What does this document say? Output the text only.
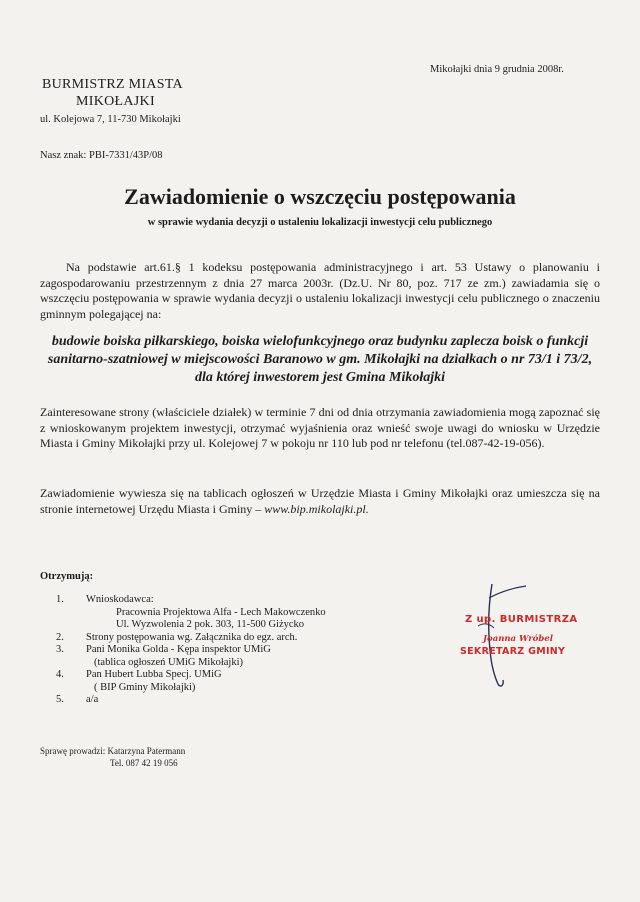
Mikołajki dnia 9 grudnia 2008r.
BURMISTRZ MIASTA
MIKOŁAJKI
ul. Kolejowa 7, 11-730 Mikołajki
Nasz znak: PBI-7331/43P/08
Zawiadomienie o wszczęciu postępowania
w sprawie wydania decyzji o ustaleniu lokalizacji inwestycji celu publicznego
Na podstawie art.61.§ 1 kodeksu postępowania administracyjnego i art. 53 Ustawy o planowaniu i zagospodarowaniu przestrzennym z dnia 27 marca 2003r. (Dz.U. Nr 80, poz. 717 ze zm.) zawiadamia się o wszczęciu postępowania w sprawie wydania decyzji o ustaleniu lokalizacji inwestycji celu publicznego o znaczeniu gminnym polegającej na:
budowie boiska piłkarskiego, boiska wielofunkcyjnego oraz budynku zaplecza boisk o funkcji sanitarno-szatniowej w miejscowości Baranowo w gm. Mikołajki na działkach o nr 73/1 i 73/2, dla której inwestorem jest Gmina Mikołajki
Zainteresowane strony (właściciele działek) w terminie 7 dni od dnia otrzymania zawiadomienia mogą zapoznać się z wnioskowanym projektem inwestycji, otrzymać wyjaśnienia oraz wnieść swoje uwagi do wniosku w Urzędzie Miasta i Gminy Mikołajki przy ul. Kolejowej 7 w pokoju nr 110 lub pod nr telefonu (tel.087-42-19-056).
Zawiadomienie wywiesza się na tablicach ogłoszeń w Urzędzie Miasta i Gminy Mikołajki oraz umieszcza się na stronie internetowej Urzędu Miasta i Gminy – www.bip.mikolajki.pl.
Otrzymują:
1.	Wnioskodawca:
Pracownia Projektowa Alfa - Lech Makowczenko
Ul. Wyzwolenia 2 pok. 303, 11-500 Giżycko
2.	Strony postępowania wg. Załącznika do egz. arch.
3.	Pani Monika Golda - Kępa inspektor UMiG
(tablica ogłoszeń UMiG Mikołajki)
4.	Pan Hubert Lubba Specj. UMiG
( BIP Gminy Mikołajki)
5.	a/a
Z up. BURMISTRZA
Joanna Wróbel
SEKRETARZ GMINY
Sprawę prowadzi: Katarzyna Patermann
Tel. 087 42 19 056
